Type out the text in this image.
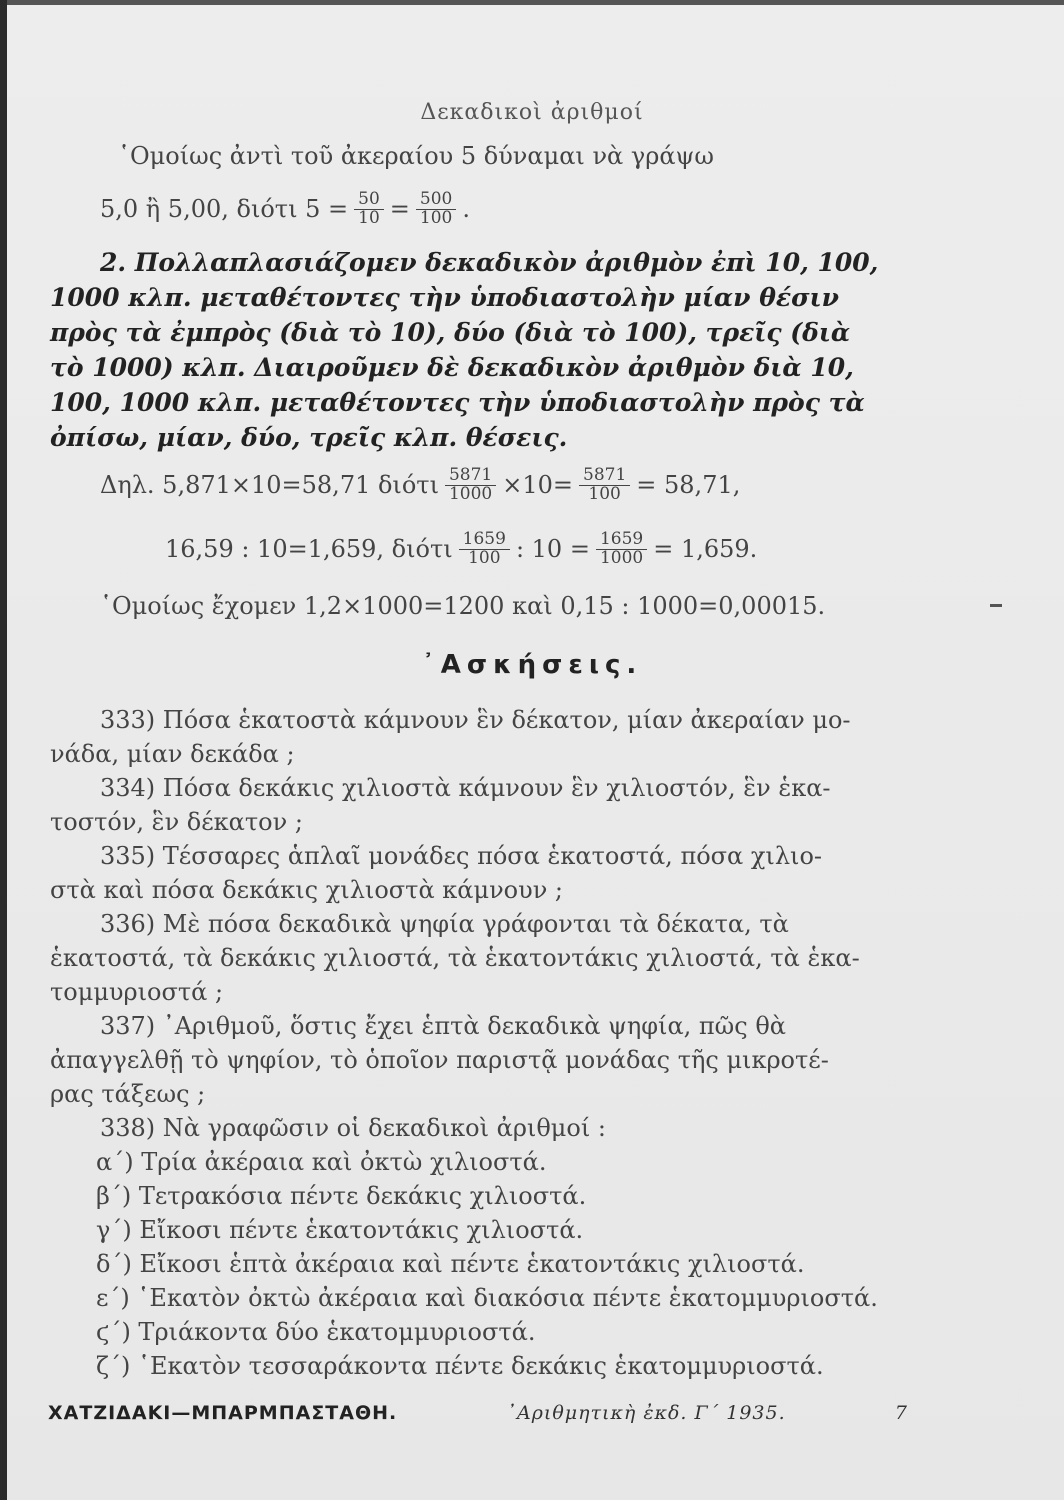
Δεκαδικοὶ ἀριθμοί
῾Ομοίως ἀντὶ τοῦ ἀκεραίου 5 δύναμαι νὰ γράψω
5,0 ἢ 5,00, διότι $5 = \frac{50}{10} = \frac{500}{100}$ .
2. Πολλαπλασιάζομεν δεκαδικὸν ἀριθμὸν ἐπὶ 10, 100,
1000 κλπ. μεταθέτοντες τὴν ὑποδιαστολὴν μίαν θέσιν
πρὸς τὰ ἐμπρὸς (διὰ τὸ 10), δύο (διὰ τὸ 100), τρεῖς (διὰ
τὸ 1000) κλπ. Διαιροῦμεν δὲ δεκαδικὸν ἀριθμὸν διὰ 10,
100, 1000 κλπ. μεταθέτοντες τὴν ὑποδιαστολὴν πρὸς τὰ
ὀπίσω, μίαν, δύο, τρεῖς κλπ. θέσεις.
Δηλ. 5,871×10=58,71 διότι $\frac{5871}{1000} \times 10= \frac{5871}{100} = 58,71$,
16,59 : 10=1,659, διότι $\frac{1659}{100}$ : $10 = \frac{1659}{1000} = 1,659$.
῾Ομοίως ἔχομεν 1,2×1000=1200 καὶ 0,15 : 1000=0,00015.
᾿Ασκήσεις.
333) Πόσα ἑκατοστὰ κάμνουν ἓν δέκατον, μίαν ἀκεραίαν μο-
νάδα, μίαν δεκάδα ;
334) Πόσα δεκάκις χιλιοστὰ κάμνουν ἓν χιλιοστόν, ἓν ἑκα-
τοστόν, ἓν δέκατον ;
335) Τέσσαρες ἁπλαῖ μονάδες πόσα ἑκατοστά, πόσα χιλιο-
στὰ καὶ πόσα δεκάκις χιλιοστὰ κάμνουν ;
336) Μὲ πόσα δεκαδικὰ ψηφία γράφονται τὰ δέκατα, τὰ
ἑκατοστά, τὰ δεκάκις χιλιοστά, τὰ ἑκατοντάκις χιλιοστά, τὰ ἑκα-
τομμυριοστά ;
337) ᾿Αριθμοῦ, ὅστις ἔχει ἑπτὰ δεκαδικὰ ψηφία, πῶς θὰ
ἀπαγγελθῇ τὸ ψηφίον, τὸ ὁποῖον παριστᾷ μονάδας τῆς μικροτέ-
ρας τάξεως ;
338) Νὰ γραφῶσιν οἱ δεκαδικοὶ ἀριθμοί :
α΄) Τρία ἀκέραια καὶ ὀκτὼ χιλιοστά.
β΄) Τετρακόσια πέντε δεκάκις χιλιοστά.
γ΄) Εἴκοσι πέντε ἑκατοντάκις χιλιοστά.
δ΄) Εἴκοσι ἑπτὰ ἀκέραια καὶ πέντε ἑκατοντάκις χιλιοστά.
ε΄) ῾Εκατὸν ὀκτὼ ἀκέραια καὶ διακόσια πέντε ἑκατομμυριοστά.
ϛ΄) Τριάκοντα δύο ἑκατομμυριοστά.
ζ΄) ῾Εκατὸν τεσσαράκοντα πέντε δεκάκις ἑκατομμυριοστά.
ΧΑΤΖΙΔΑΚΙ—ΜΠΑΡΜΠΑΣΤΑΘΗ.	᾿Αριθμητικὴ ἐκδ. Γ΄ 1935.	7
